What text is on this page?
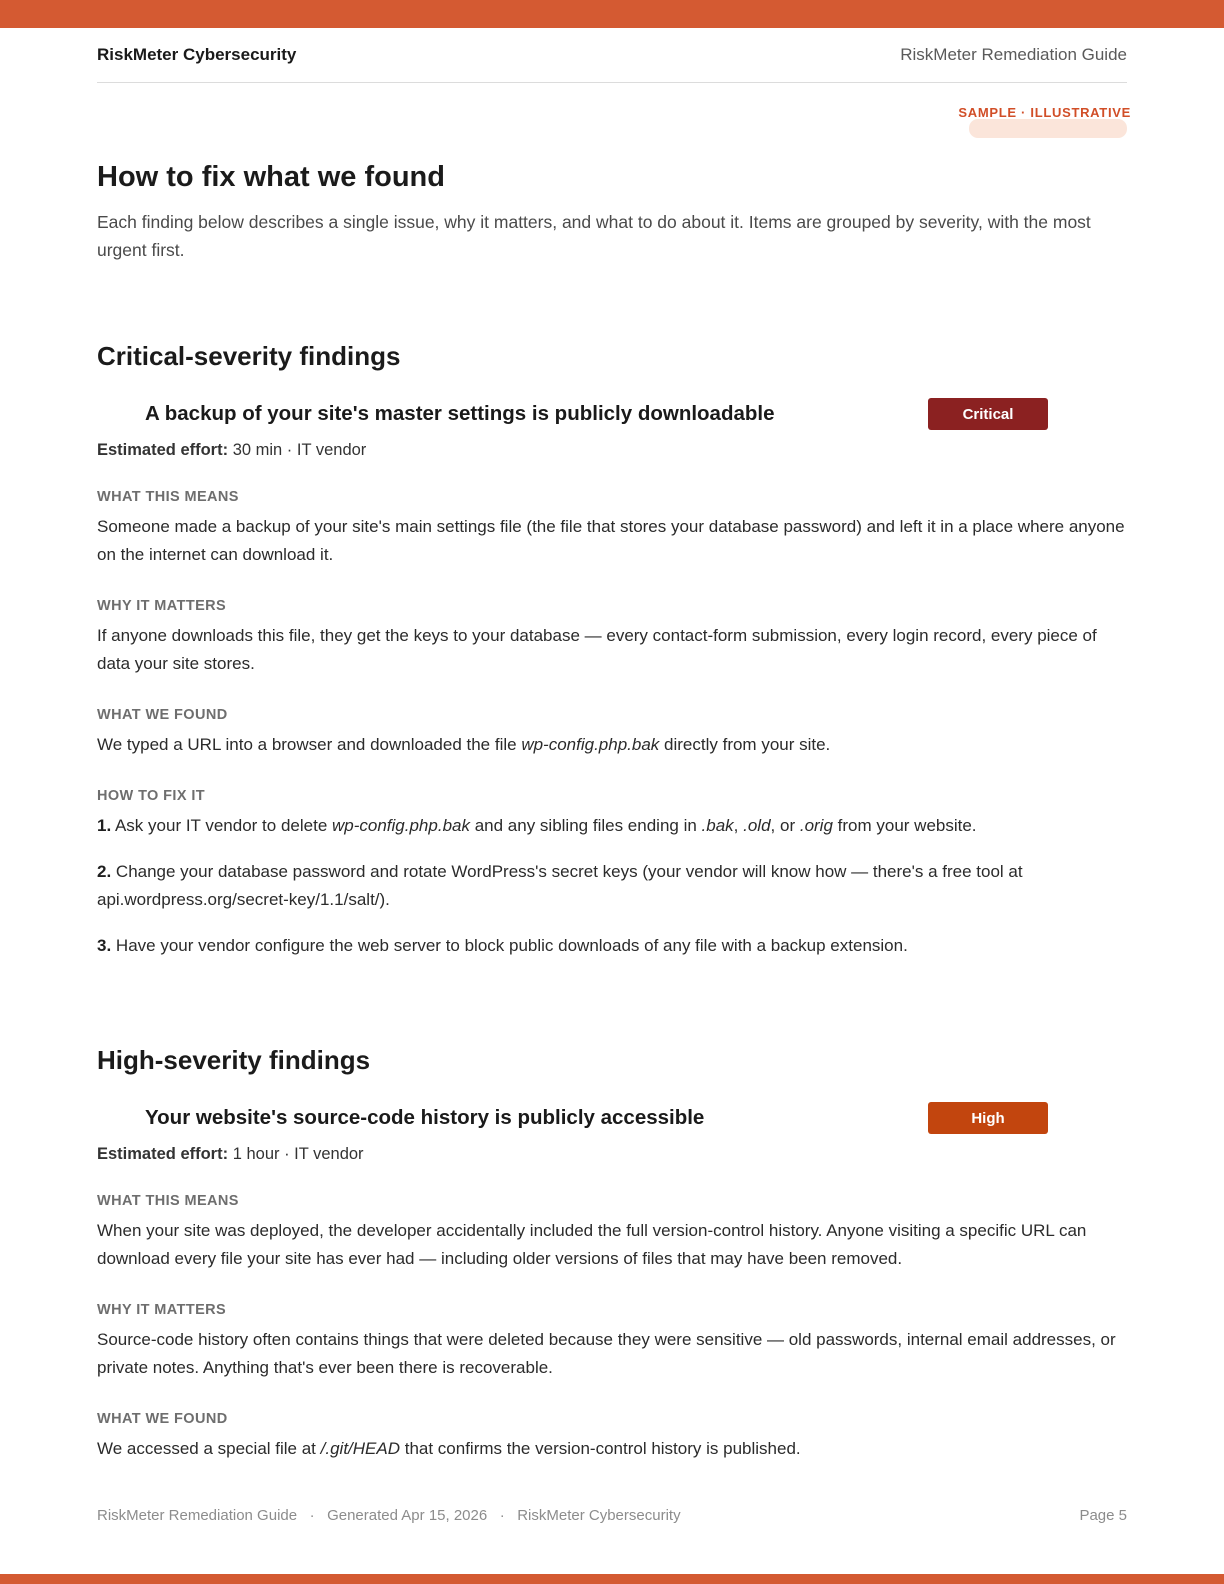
RiskMeter Cybersecurity	RiskMeter Remediation Guide
SAMPLE · ILLUSTRATIVE
How to fix what we found

Each finding below describes a single issue, why it matters, and what to do about it. Items are grouped by severity, with the most urgent first.

Critical-severity findings
A backup of your site's master settings is publicly downloadable	Critical

Estimated effort: 30 min · IT vendor

WHAT THIS MEANS

Someone made a backup of your site's main settings file (the file that stores your database password) and left it in a place where anyone on the internet can download it.

WHY IT MATTERS

If anyone downloads this file, they get the keys to your database — every contact-form submission, every login record, every piece of data your site stores.

WHAT WE FOUND

We typed a URL into a browser and downloaded the file wp-config.php.bak directly from your site.

HOW TO FIX IT

1. Ask your IT vendor to delete wp-config.php.bak and any sibling files ending in .bak, .old, or .orig from your website.

2. Change your database password and rotate WordPress's secret keys (your vendor will know how — there's a free tool at api.wordpress.org/secret-key/1.1/salt/).

3. Have your vendor configure the web server to block public downloads of any file with a backup extension.

High-severity findings
Your website's source-code history is publicly accessible	High

Estimated effort: 1 hour · IT vendor

WHAT THIS MEANS

When your site was deployed, the developer accidentally included the full version-control history. Anyone visiting a specific URL can download every file your site has ever had — including older versions of files that may have been removed.

WHY IT MATTERS

Source-code history often contains things that were deleted because they were sensitive — old passwords, internal email addresses, or private notes. Anything that's ever been there is recoverable.

WHAT WE FOUND

We accessed a special file at /.git/HEAD that confirms the version-control history is published.

RiskMeter Remediation Guide   ·   Generated Apr 15, 2026   ·   RiskMeter Cybersecurity	Page 5
